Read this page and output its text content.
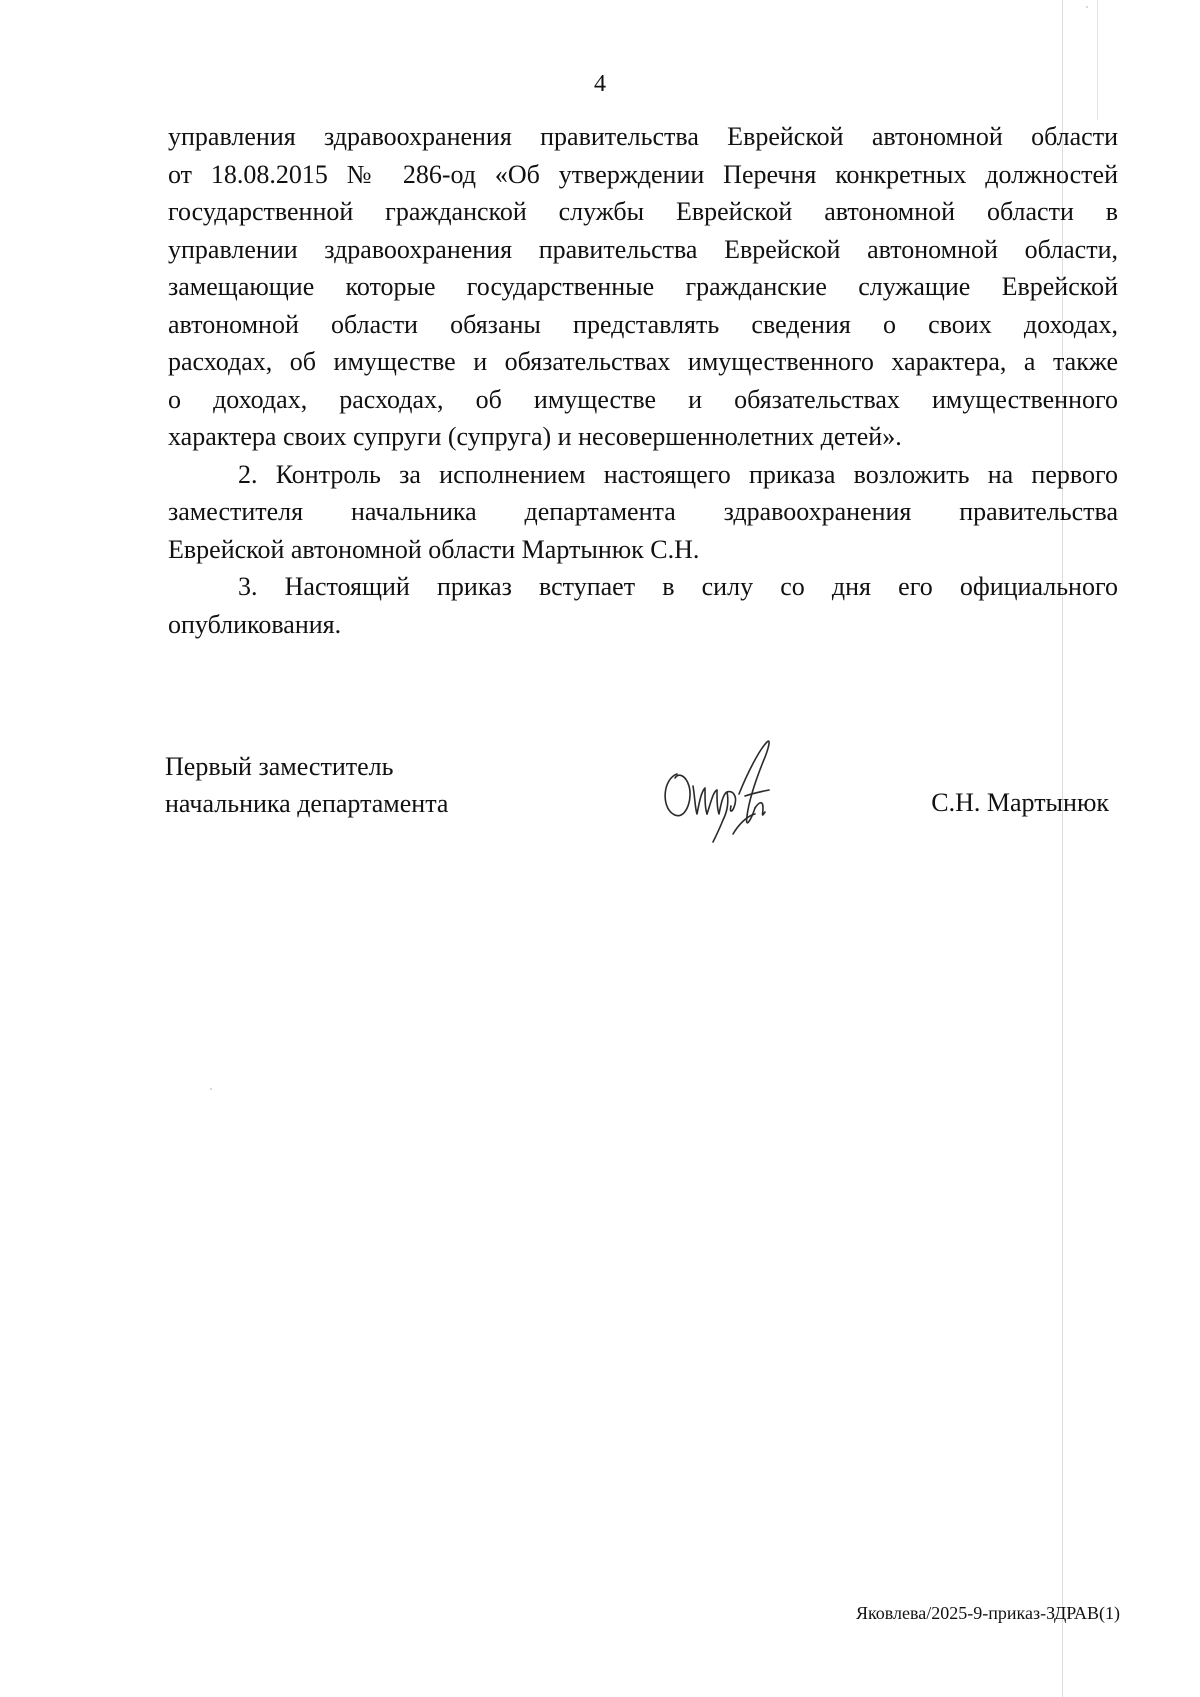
4

управления здравоохранения правительства Еврейской автономной области
от 18.08.2015 № 286-од «Об утверждении Перечня конкретных должностей
государственной гражданской службы Еврейской автономной области в
управлении здравоохранения правительства Еврейской автономной области,
замещающие которые государственные гражданские служащие Еврейской
автономной области обязаны представлять сведения о своих доходах,
расходах, об имуществе и обязательствах имущественного характера, а также
о доходах, расходах, об имуществе и обязательствах имущественного
характера своих супруги (супруга) и несовершеннолетних детей».

2. Контроль за исполнением настоящего приказа возложить на первого
заместителя начальника департамента здравоохранения правительства
Еврейской автономной области Мартынюк С.Н.

3. Настоящий приказ вступает в силу со дня его официального
опубликования.

Первый заместитель
начальника департамента	С.Н. Мартынюк
Яковлева/2025-9-приказ-ЗДРАВ(1)
